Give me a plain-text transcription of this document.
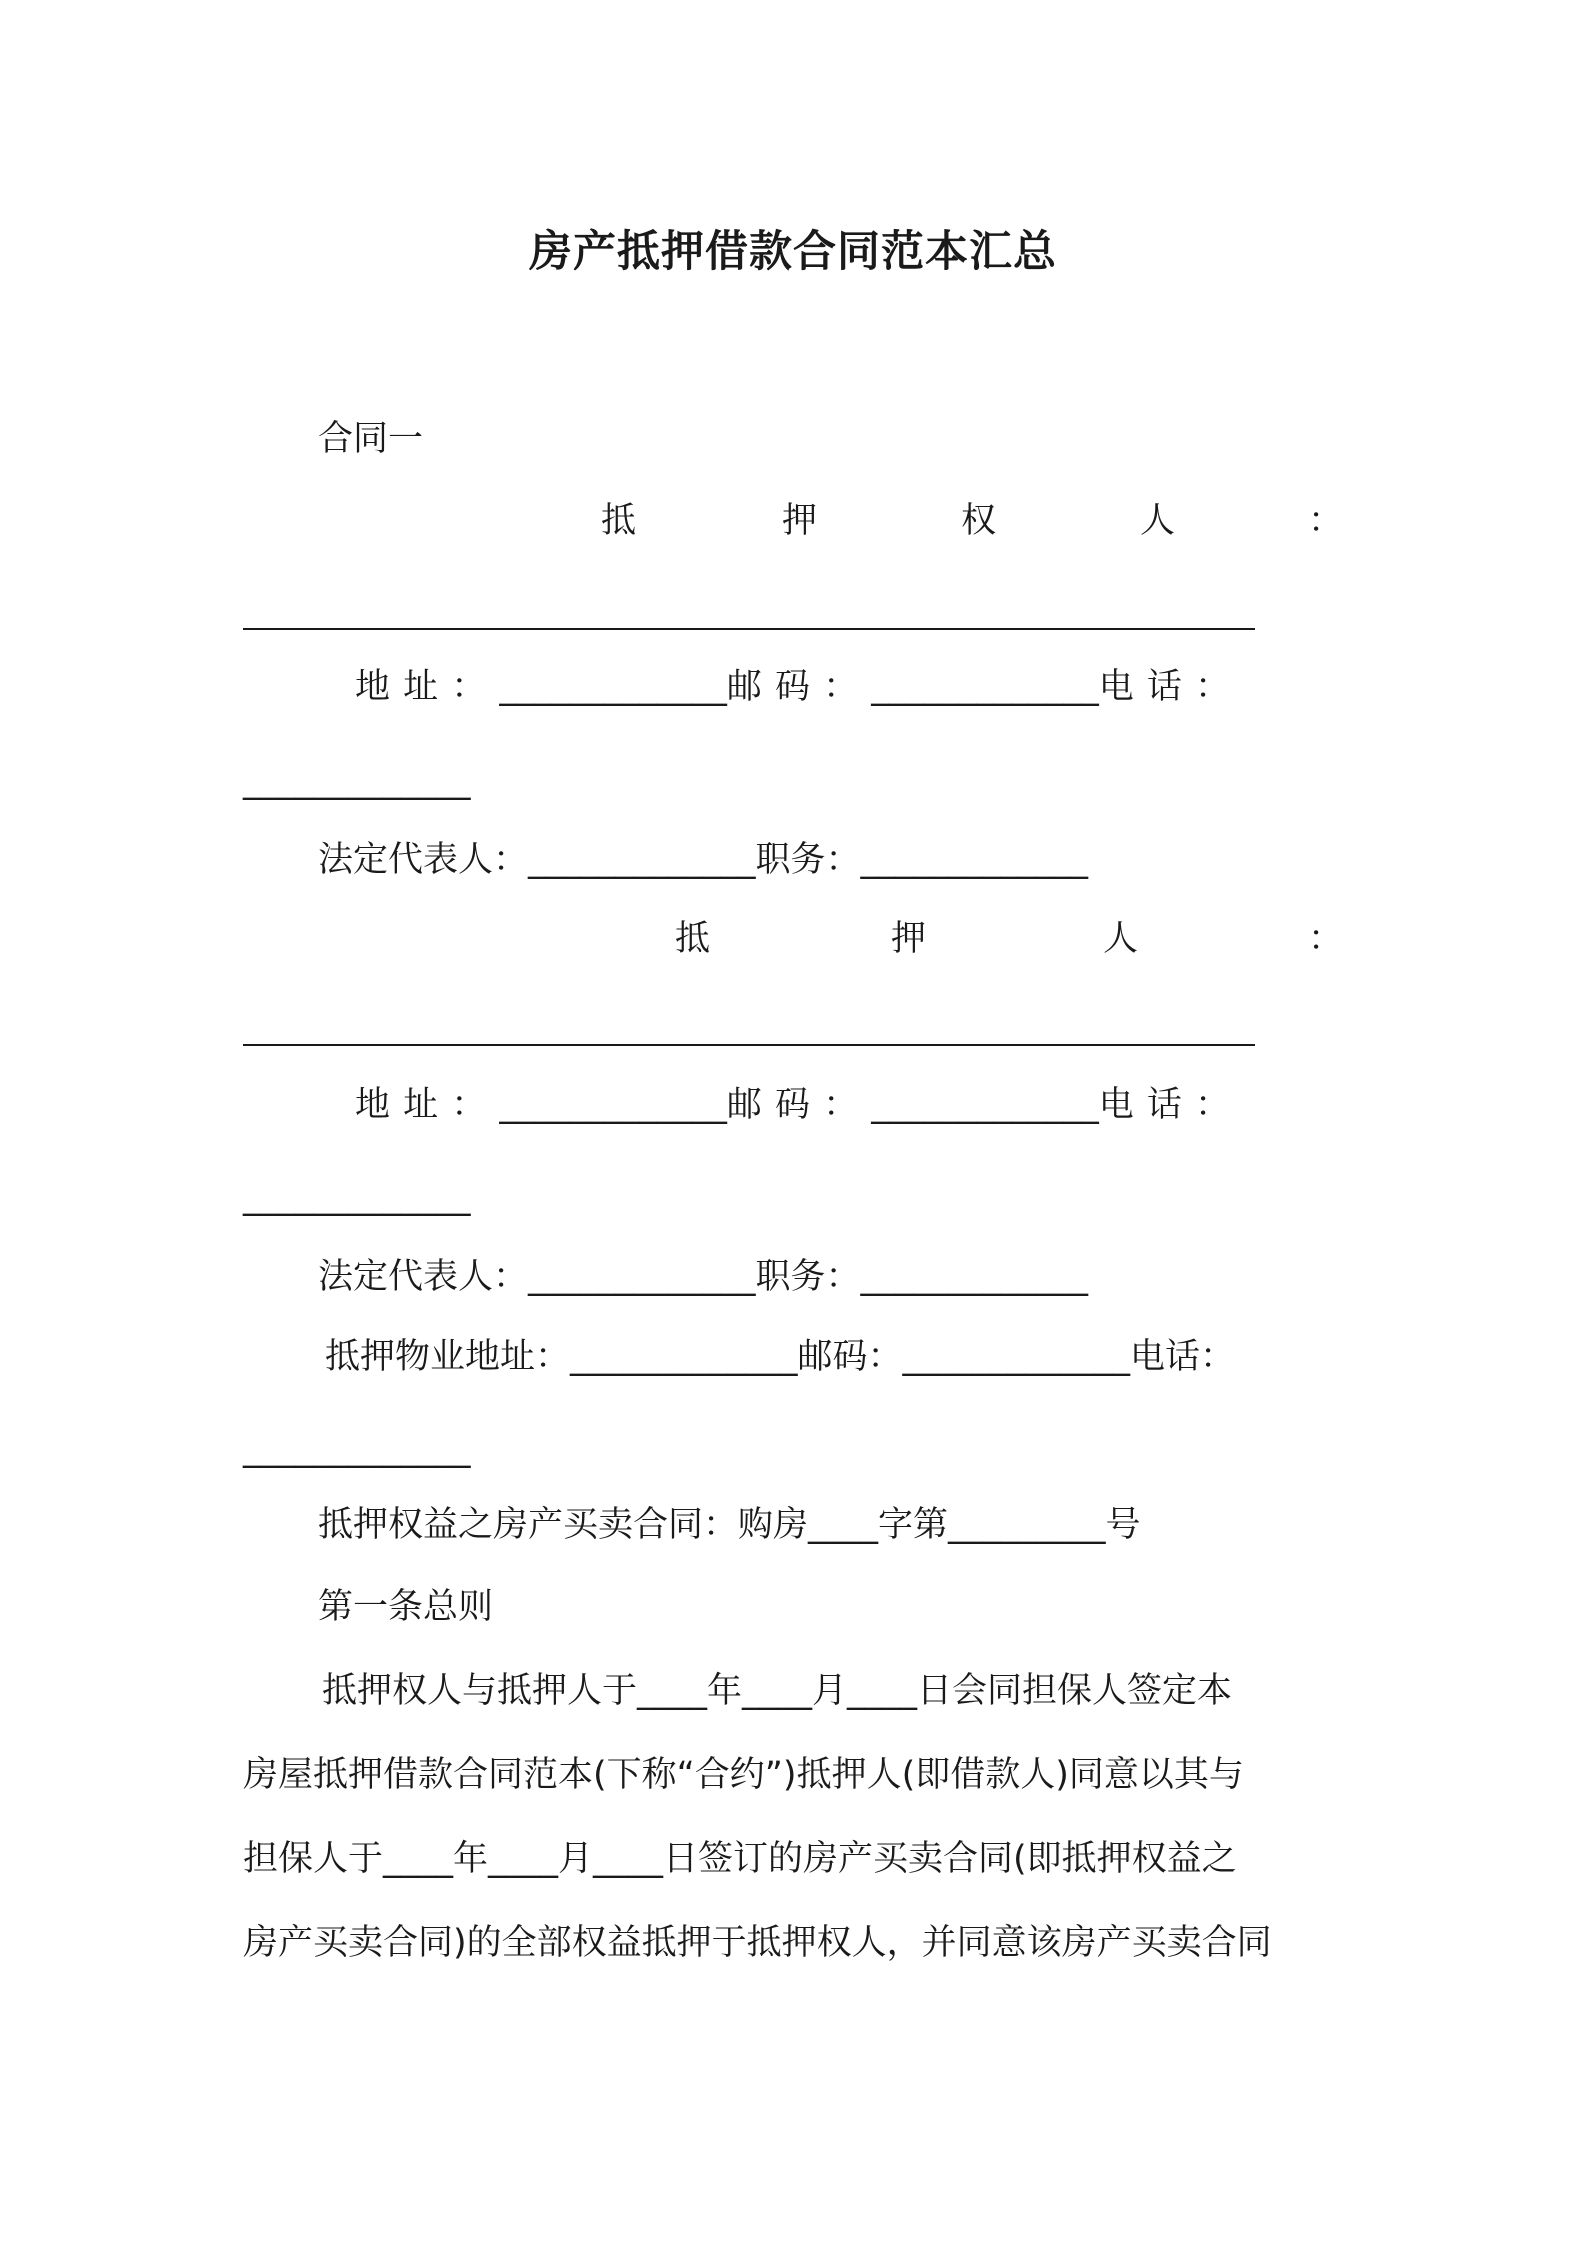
房产抵押借款合同范本汇总
合同一
抵	押	权	人	：
地 址 ： _____________邮 码 ： _____________电 话 ：
_____________
法定代表人：_____________职务：_____________
抵	押	人	：
地 址 ： _____________邮 码 ： _____________电 话 ：
_____________
法定代表人：_____________职务：_____________
抵押物业地址：_____________邮码：_____________电话：
_____________
抵押权益之房产买卖合同：购房____字第_________号
第一条总则
抵押权人与抵押人于____年____月____日会同担保人签定本
房屋抵押借款合同范本(下称“合约”)抵押人(即借款人)同意以其与
担保人于____年____月____日签订的房产买卖合同(即抵押权益之
房产买卖合同)的全部权益抵押于抵押权人，并同意该房产买卖合同
